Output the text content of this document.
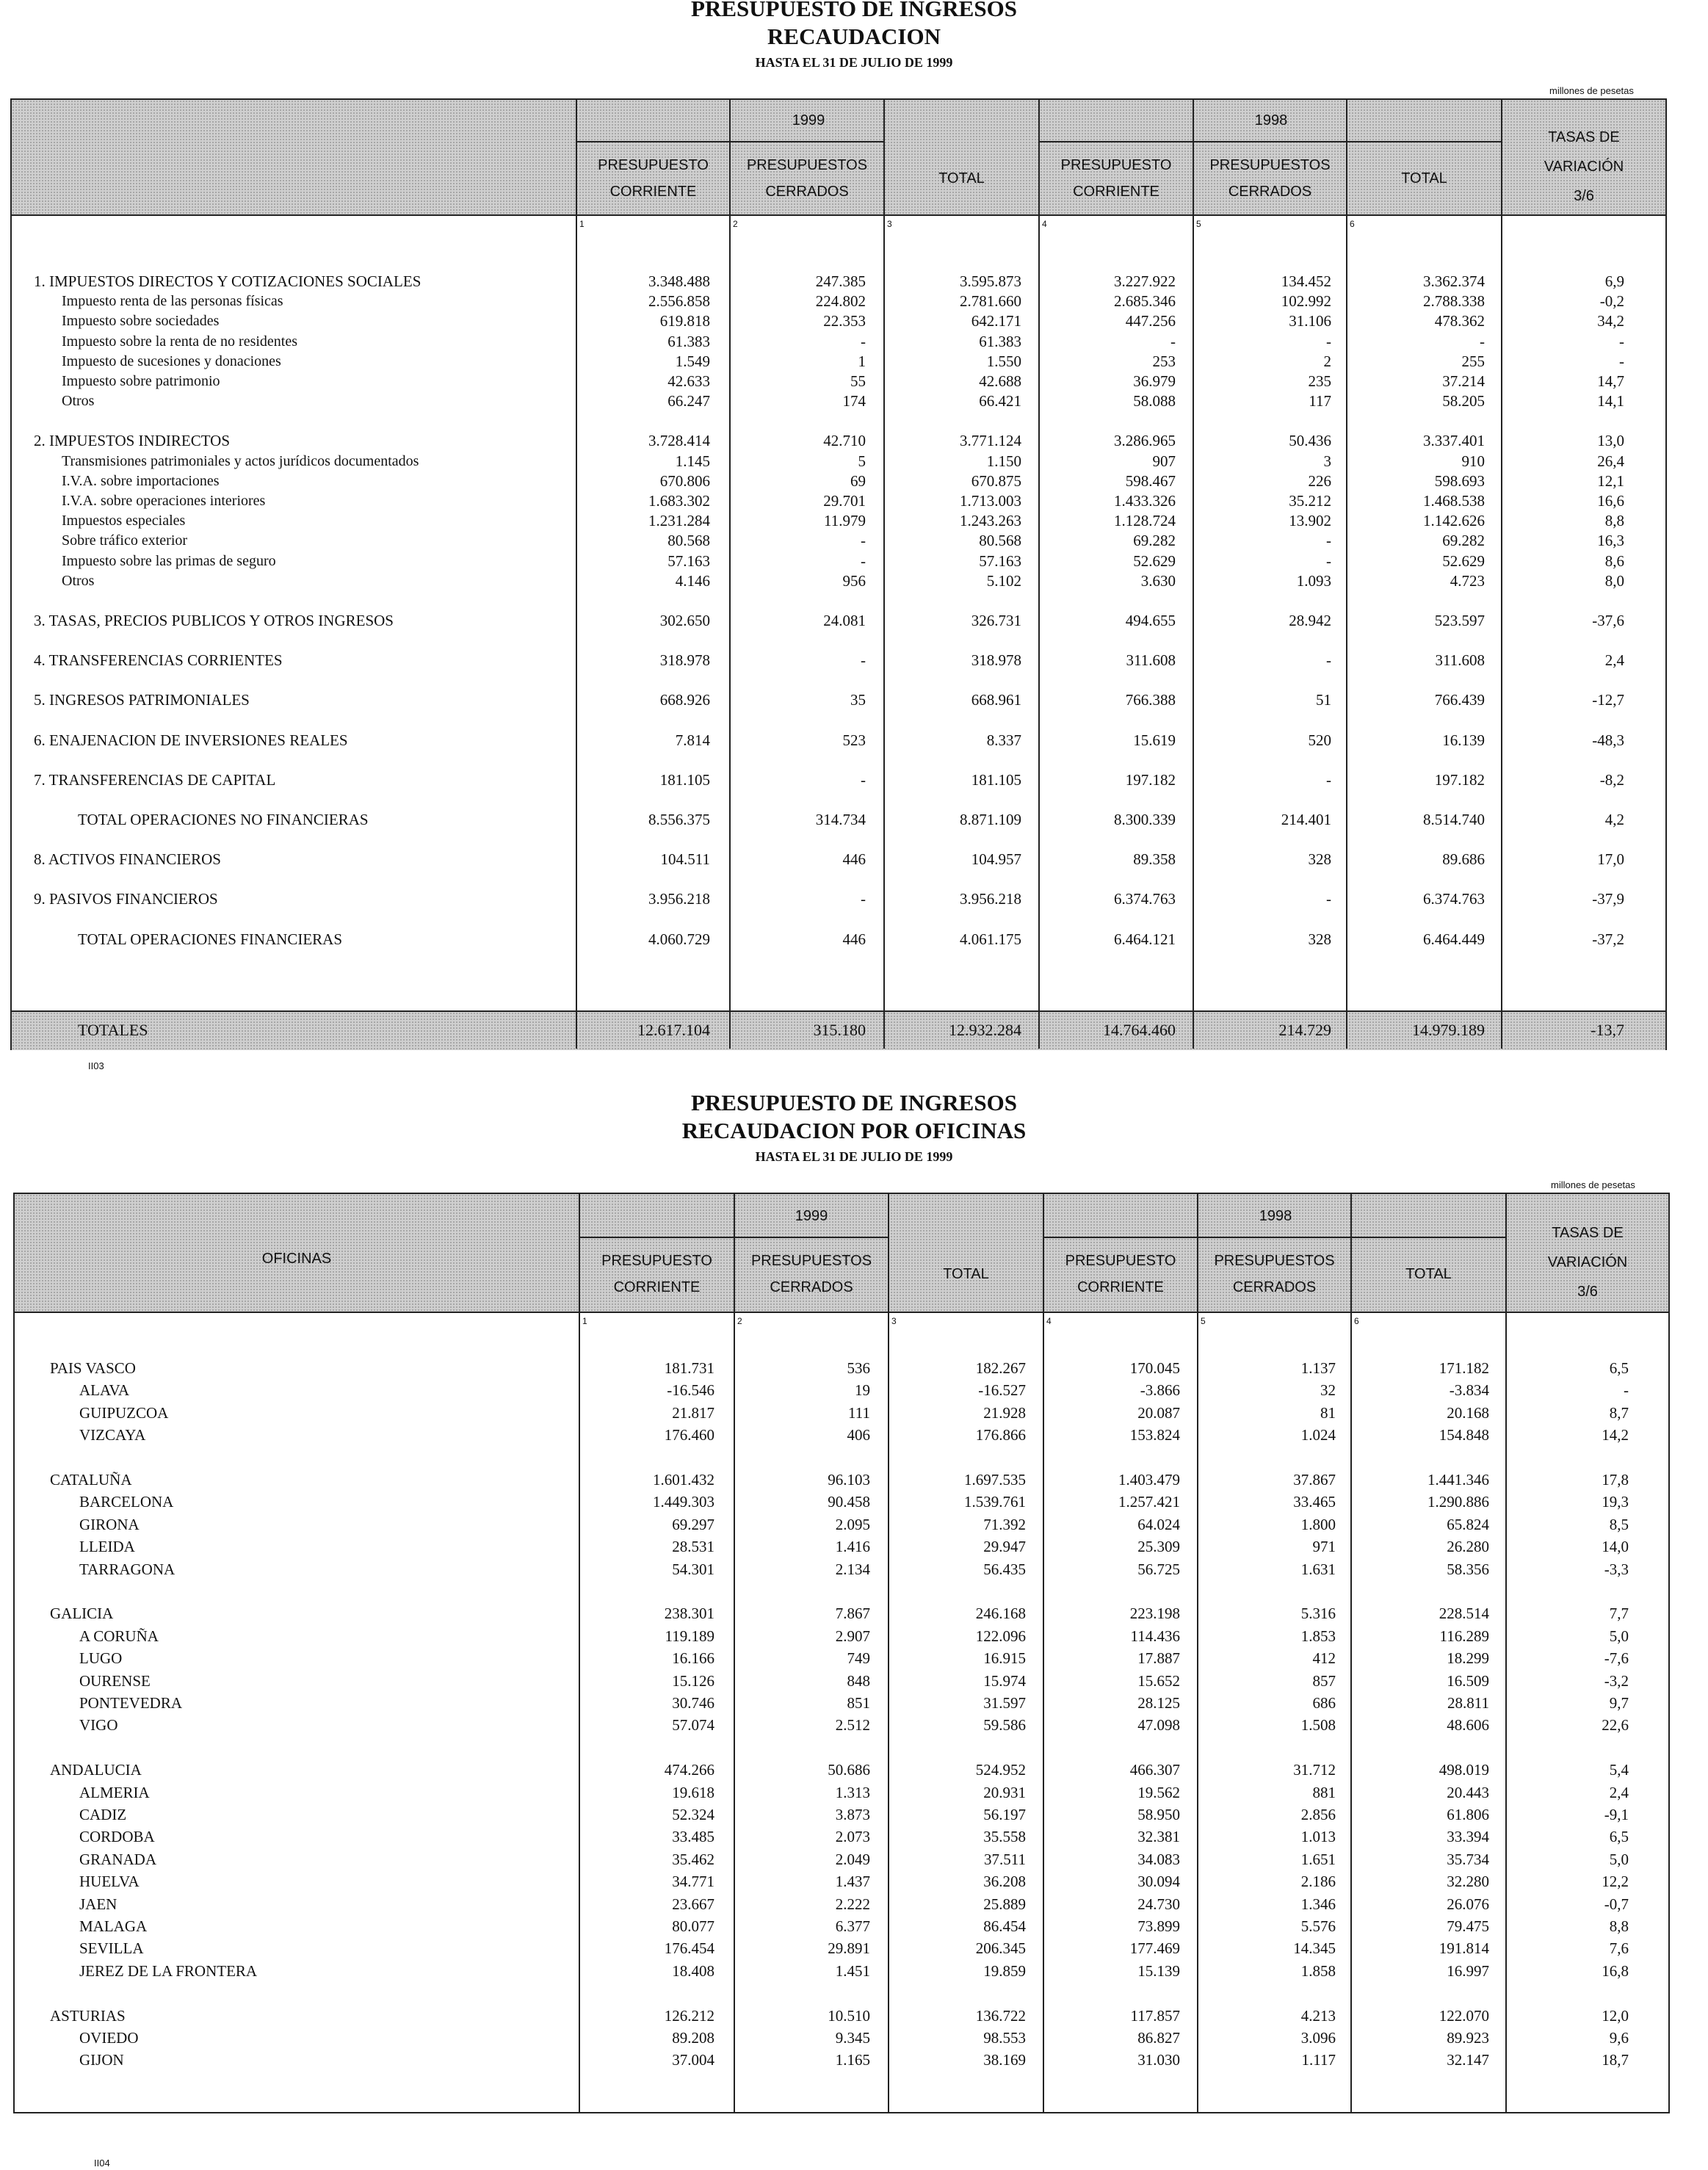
PRESUPUESTO DE INGRESOS
RECAUDACION
HASTA EL 31 DE JULIO DE 1999
millones de pesetas
1999	1998
PRESUPUESTO
CORRIENTE
PRESUPUESTOS
CERRADOS
TOTAL
PRESUPUESTO
CORRIENTE
PRESUPUESTOS
CERRADOS
TOTAL
TASAS DE
VARIACIÓN
3/6
1	2	3	4	5	6
1. IMPUESTOS DIRECTOS Y COTIZACIONES SOCIALES	3.348.488	247.385	3.595.873	3.227.922	134.452	3.362.374	6,9
Impuesto renta de las personas físicas	2.556.858	224.802	2.781.660	2.685.346	102.992	2.788.338	-0,2
Impuesto sobre sociedades	619.818	22.353	642.171	447.256	31.106	478.362	34,2
Impuesto sobre la renta de no residentes	61.383	-	61.383	-	-	-	-
Impuesto de sucesiones y donaciones	1.549	1	1.550	253	2	255	-
Impuesto sobre patrimonio	42.633	55	42.688	36.979	235	37.214	14,7
Otros	66.247	174	66.421	58.088	117	58.205	14,1
2. IMPUESTOS INDIRECTOS	3.728.414	42.710	3.771.124	3.286.965	50.436	3.337.401	13,0
Transmisiones patrimoniales y actos jurídicos documentados	1.145	5	1.150	907	3	910	26,4
I.V.A. sobre importaciones	670.806	69	670.875	598.467	226	598.693	12,1
I.V.A. sobre operaciones interiores	1.683.302	29.701	1.713.003	1.433.326	35.212	1.468.538	16,6
Impuestos especiales	1.231.284	11.979	1.243.263	1.128.724	13.902	1.142.626	8,8
Sobre tráfico exterior	80.568	-	80.568	69.282	-	69.282	16,3
Impuesto sobre las primas de seguro	57.163	-	57.163	52.629	-	52.629	8,6
Otros	4.146	956	5.102	3.630	1.093	4.723	8,0
3. TASAS, PRECIOS PUBLICOS Y OTROS INGRESOS	302.650	24.081	326.731	494.655	28.942	523.597	-37,6
4. TRANSFERENCIAS CORRIENTES	318.978	-	318.978	311.608	-	311.608	2,4
5. INGRESOS PATRIMONIALES	668.926	35	668.961	766.388	51	766.439	-12,7
6. ENAJENACION DE INVERSIONES REALES	7.814	523	8.337	15.619	520	16.139	-48,3
7. TRANSFERENCIAS DE CAPITAL	181.105	-	181.105	197.182	-	197.182	-8,2
TOTAL OPERACIONES NO FINANCIERAS	8.556.375	314.734	8.871.109	8.300.339	214.401	8.514.740	4,2
8. ACTIVOS FINANCIEROS	104.511	446	104.957	89.358	328	89.686	17,0
9. PASIVOS FINANCIEROS	3.956.218	-	3.956.218	6.374.763	-	6.374.763	-37,9
TOTAL OPERACIONES FINANCIERAS	4.060.729	446	4.061.175	6.464.121	328	6.464.449	-37,2
TOTALES	12.617.104	315.180	12.932.284	14.764.460	214.729	14.979.189	-13,7
II03
PRESUPUESTO DE INGRESOS
RECAUDACION POR OFICINAS
HASTA EL 31 DE JULIO DE 1999
millones de pesetas
OFICINAS
1999	1998
PRESUPUESTO
CORRIENTE
PRESUPUESTOS
CERRADOS
TOTAL
PRESUPUESTO
CORRIENTE
PRESUPUESTOS
CERRADOS
TOTAL
TASAS DE
VARIACIÓN
3/6
1	2	3	4	5	6
PAIS VASCO	181.731	536	182.267	170.045	1.137	171.182	6,5
ALAVA	-16.546	19	-16.527	-3.866	32	-3.834	-
GUIPUZCOA	21.817	111	21.928	20.087	81	20.168	8,7
VIZCAYA	176.460	406	176.866	153.824	1.024	154.848	14,2
CATALUÑA	1.601.432	96.103	1.697.535	1.403.479	37.867	1.441.346	17,8
BARCELONA	1.449.303	90.458	1.539.761	1.257.421	33.465	1.290.886	19,3
GIRONA	69.297	2.095	71.392	64.024	1.800	65.824	8,5
LLEIDA	28.531	1.416	29.947	25.309	971	26.280	14,0
TARRAGONA	54.301	2.134	56.435	56.725	1.631	58.356	-3,3
GALICIA	238.301	7.867	246.168	223.198	5.316	228.514	7,7
A CORUÑA	119.189	2.907	122.096	114.436	1.853	116.289	5,0
LUGO	16.166	749	16.915	17.887	412	18.299	-7,6
OURENSE	15.126	848	15.974	15.652	857	16.509	-3,2
PONTEVEDRA	30.746	851	31.597	28.125	686	28.811	9,7
VIGO	57.074	2.512	59.586	47.098	1.508	48.606	22,6
ANDALUCIA	474.266	50.686	524.952	466.307	31.712	498.019	5,4
ALMERIA	19.618	1.313	20.931	19.562	881	20.443	2,4
CADIZ	52.324	3.873	56.197	58.950	2.856	61.806	-9,1
CORDOBA	33.485	2.073	35.558	32.381	1.013	33.394	6,5
GRANADA	35.462	2.049	37.511	34.083	1.651	35.734	5,0
HUELVA	34.771	1.437	36.208	30.094	2.186	32.280	12,2
JAEN	23.667	2.222	25.889	24.730	1.346	26.076	-0,7
MALAGA	80.077	6.377	86.454	73.899	5.576	79.475	8,8
SEVILLA	176.454	29.891	206.345	177.469	14.345	191.814	7,6
JEREZ DE LA FRONTERA	18.408	1.451	19.859	15.139	1.858	16.997	16,8
ASTURIAS	126.212	10.510	136.722	117.857	4.213	122.070	12,0
OVIEDO	89.208	9.345	98.553	86.827	3.096	89.923	9,6
GIJON	37.004	1.165	38.169	31.030	1.117	32.147	18,7
II04
